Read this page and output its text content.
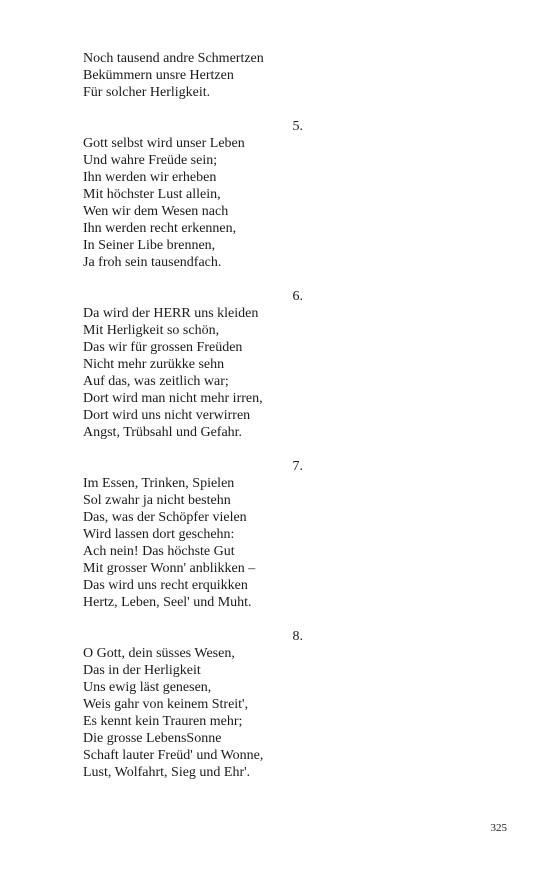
Noch tausend andre Schmertzen
Bekümmern unsre Hertzen
Für solcher Herligkeit.
5.
Gott selbst wird unser Leben
Und wahre Freüde sein;
Ihn werden wir erheben
Mit höchster Lust allein,
Wen wir dem Wesen nach
Ihn werden recht erkennen,
In Seiner Libe brennen,
Ja froh sein tausendfach.
6.
Da wird der HERR uns kleiden
Mit Herligkeit so schön,
Das wir für grossen Freüden
Nicht mehr zurükke sehn
Auf das, was zeitlich war;
Dort wird man nicht mehr irren,
Dort wird uns nicht verwirren
Angst, Trübsahl und Gefahr.
7.
Im Essen, Trinken, Spielen
Sol zwahr ja nicht bestehn
Das, was der Schöpfer vielen
Wird lassen dort geschehn:
Ach nein! Das höchste Gut
Mit grosser Wonn' anblikken –
Das wird uns recht erquikken
Hertz, Leben, Seel' und Muht.
8.
O Gott, dein süsses Wesen,
Das in der Herligkeit
Uns ewig läst genesen,
Weis gahr von keinem Streit',
Es kennt kein Trauren mehr;
Die grosse LebensSonne
Schaft lauter Freüd' und Wonne,
Lust, Wolfahrt, Sieg und Ehr'.
325
